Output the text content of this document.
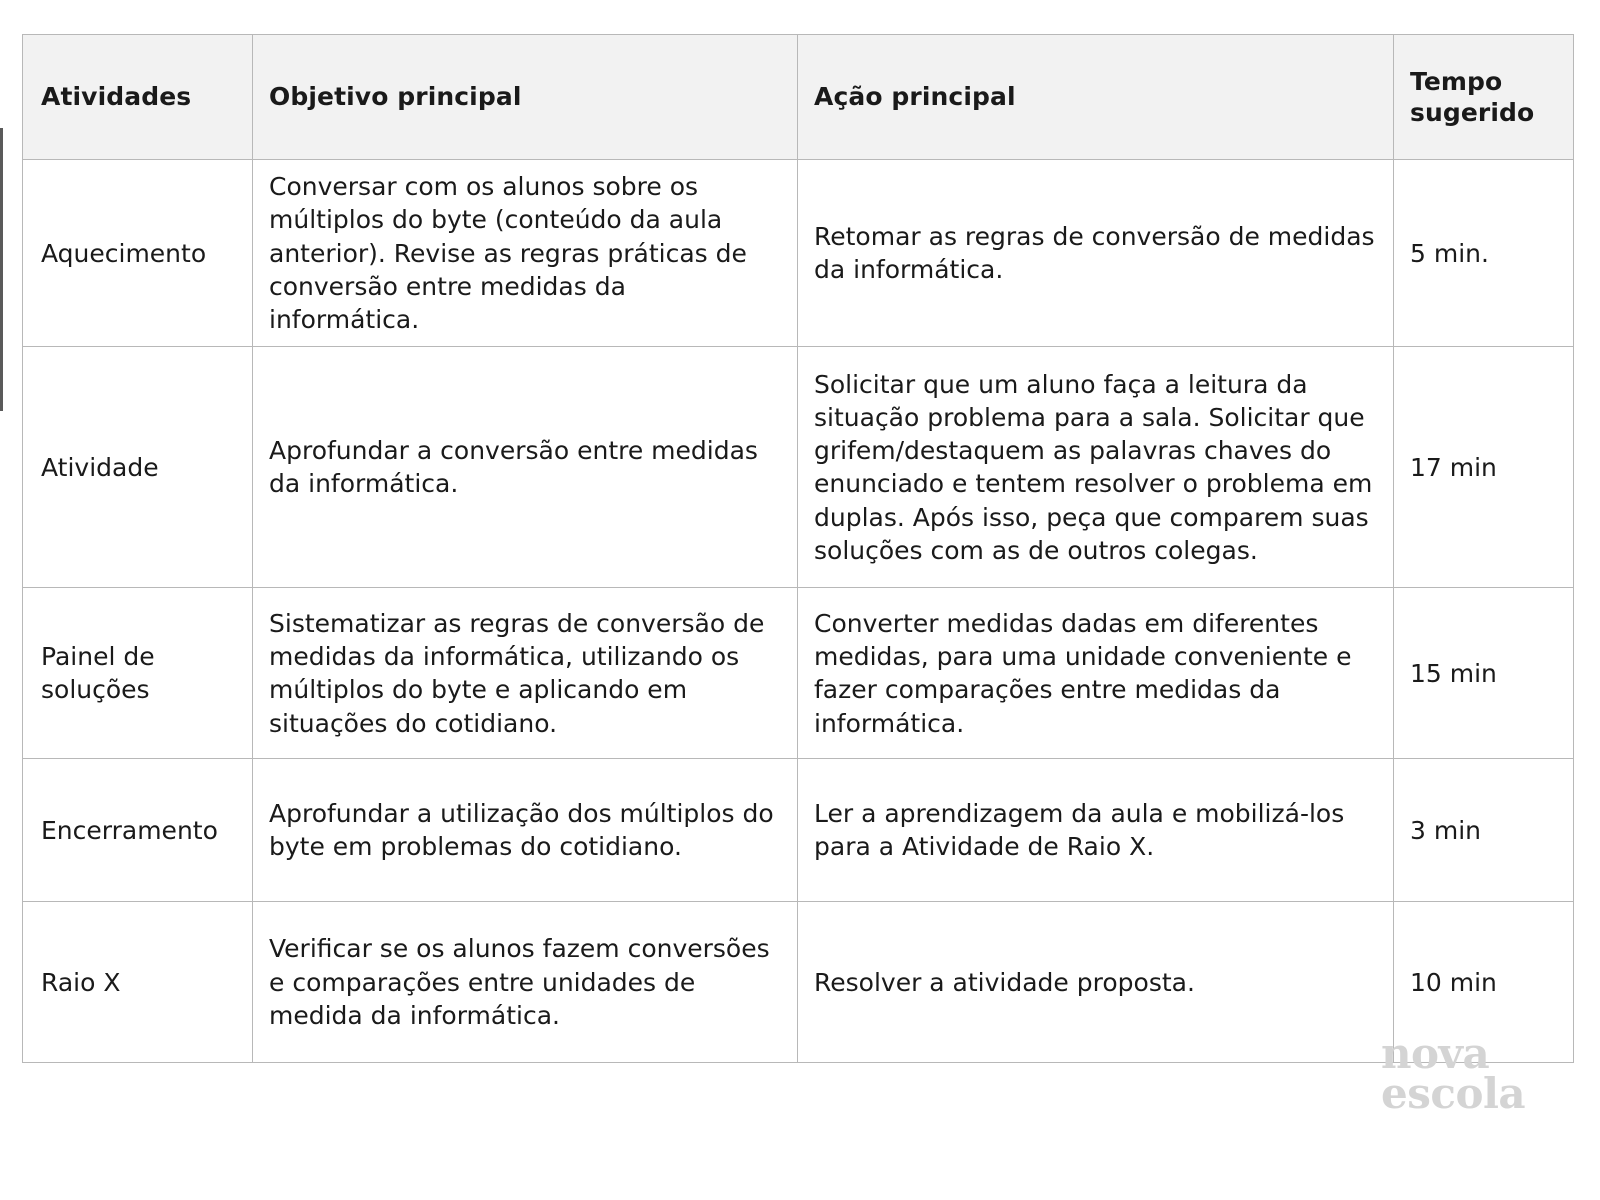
Atividades	Objetivo principal	Ação principal	Tempo sugerido

Aquecimento	Conversar com os alunos sobre os múltiplos do byte (conteúdo da aula anterior). Revise as regras práticas de conversão entre medidas da informática.	Retomar as regras de conversão de medidas da informática.	5 min.

Atividade	Aprofundar a conversão entre medidas da informática.	Solicitar que um aluno faça a leitura da situação problema para a sala. Solicitar que grifem/destaquem as palavras chaves do enunciado e tentem resolver o problema em duplas. Após isso, peça que comparem suas soluções com as de outros colegas.	17 min

Painel de soluções	Sistematizar as regras de conversão de medidas da informática, utilizando os múltiplos do byte e aplicando em situações do cotidiano.	Converter medidas dadas em diferentes medidas, para uma unidade conveniente e fazer comparações entre medidas da informática.	15 min

Encerramento	Aprofundar a utilização dos múltiplos do byte em problemas do cotidiano.	Ler a aprendizagem da aula e mobilizá-los para a Atividade de Raio X.	3 min

Raio X	Verificar se os alunos fazem conversões e comparações entre unidades de medida da informática.	Resolver a atividade proposta.	10 min
nova
escola
